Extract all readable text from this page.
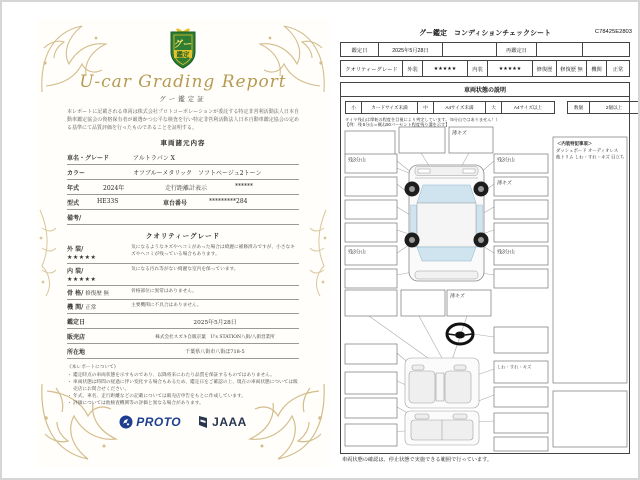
グー
鑑定
U-car Grading Report
グー鑑定証

本レポートに記載される車両は株式会社プロトコーポレーションが委託する特定非営利活動法人日本自動車鑑定協会の資格保有者が厳選かつ公平な検査を行い特定非営利活動法人日本自動車鑑定協会の定める基準にて品質評価を行ったものであることを証明する。

車両諸元内容
車名・グレード	アルトラパン X
カラー	オフブルーメタリック　ソフトベージュ2トーン
年式	2024年	走行距離計表示	******
型式	HE33S	車台番号	*********284
備考/
クオリティーグレード
外 装/
★★★★★
気になるようなキズやヘコミがあった場合は綺麗に補修済みですが、小さなキズやヘコミが残っている場合もあります。
内 装/
★★★★★
気になる汚れ等がない綺麗な室内を保っています。
骨 格/ 修復歴 無	骨格部位に異常はありません。
機 関/ 正常	主要機関に不具合はありません。
鑑定日	2025年5月28日
販売店	株式会社スズキ自販京葉　U's STATION八街/八街営業所
所在地	千葉県八街市八街ほ718-5
《本レポートについて》
・ 鑑定時点の車両状態を示すものであり、以降将来にわたり品質を保証するものではありません。
・ 車両状態は時間の経過に伴い変化する場合もあるため、鑑定日をご確認の上、現在の車両状態については販売店にお問合せください。
・ 年式、車名、走行距離などの記載については販売店申告をもとに作成しています。
・ 評価については他検査機関等の評価と異なる場合があります。
PROTO	JAAA
グー鑑定　コンディションチェックシート	C78425E2803
鑑定日	2025年5月28日	再鑑定日
クオリティーグレード	外装	★★★★★	内装	★★★★★	修復歴	修復歴 無	機関	正常
車両状態の説明
小	カードサイズ未満	中	A4サイズ未満	大	A4サイズ以上	数個	2個以上
タイヤ残山は摩耗の程度を目視により判定しています。（5分山ではありません！）
【例：残 5分山＝概ね50パーセント程度残り溝を示す】
残3分山
残3分山
残3分山
残3分山
薄キズ
薄キズ
薄キズ
しわ・すれ・キズ
＜内装特記事項＞
ダッシュボード オーディオレス
他トリム しわ・すれ・キズ 目立ち
車両状態の確認は、停止状態で実施できる範囲で行っています。
